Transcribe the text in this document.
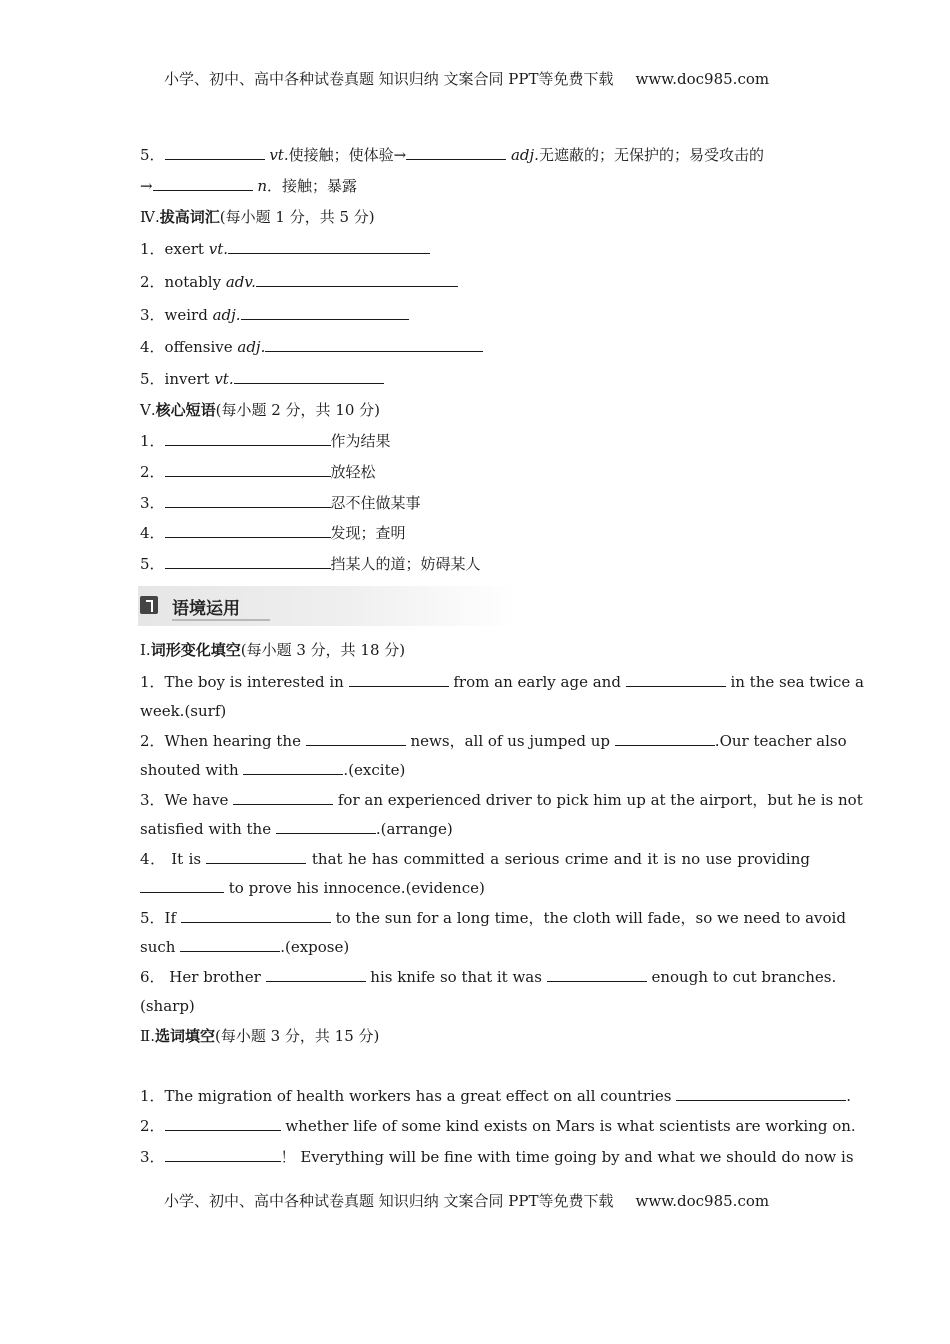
小学、初中、高中各种试卷真题 知识归纳 文案合同 PPT等免费下载 www.doc985.com
5．	vt.使接触；使体验→	adj.无遮蔽的；无保护的；易受攻击的
→	n．接触；暴露
Ⅳ.拔高词汇(每小题 1 分，共 5 分)
1．exert vt.
2．notably adv.
3．weird adj.
4．offensive adj.
5．invert vt.
Ⅴ.核心短语(每小题 2 分，共 10 分)
1．	作为结果
2．	放轻松
3．	忍不住做某事
4．	发现；查明
5．	挡某人的道；妨碍某人
语境运用
Ⅰ.词形变化填空(每小题 3 分，共 18 分)
1．The boy is interested in	from an early age and	in the sea twice a
week.(surf)
2．When hearing the	news，all of us jumped up	.Our teacher also
shouted with	.(excite)
3．We have	for an experienced driver to pick him up at the airport，but he is not
satisfied with the	.(arrange)
4． It is	that he has committed a serious crime and it is no use providing
to prove his innocence.(evidence)
5．If	to the sun for a long time，the cloth will fade，so we need to avoid
such	.(expose)
6． Her brother	his knife so that it was	enough to cut branches.
(sharp)
Ⅱ.选词填空(每小题 3 分，共 15 分)
1．The migration of health workers has a great effect on all countries	.
2．	whether life of some kind exists on Mars is what scientists are working on.
3．	！ Everything will be fine with time going by and what we should do now is
小学、初中、高中各种试卷真题 知识归纳 文案合同 PPT等免费下载 www.doc985.com
